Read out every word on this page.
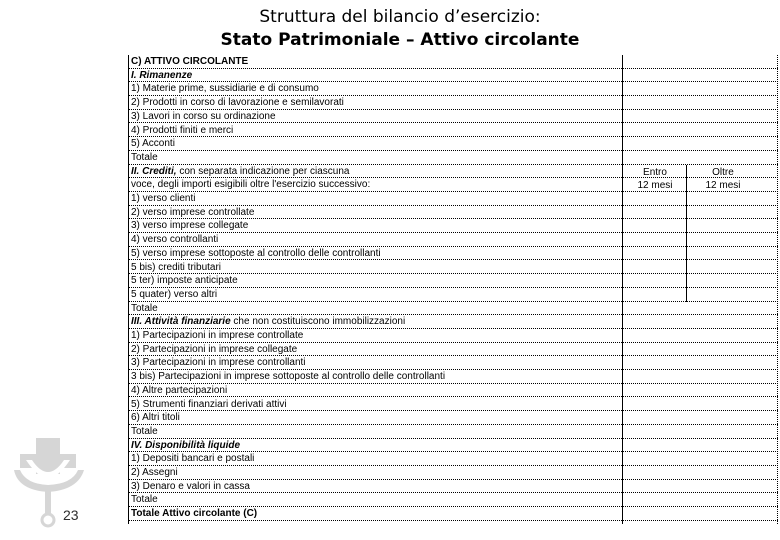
Struttura del bilancio d’esercizio:
Stato Patrimoniale – Attivo circolante
23	Totale Attivo circolante (C)
Totale
3) Denaro e valori in cassa
2) Assegni
1) Depositi bancari e postali
IV. Disponibilità liquide
Totale
6) Altri titoli
5) Strumenti finanziari derivati attivi
4) Altre partecipazioni
3 bis) Partecipazioni in imprese sottoposte al controllo delle controllanti
3) Partecipazioni in imprese controllanti
2) Partecipazioni in imprese collegate
1) Partecipazioni in imprese controllate
III. Attività finanziarie che non costituiscono immobilizzazioni
Totale
5 quater) verso altri
5 ter) imposte anticipate
5 bis) crediti tributari
5) verso imprese sottoposte al controllo delle controllanti
4) verso controllanti
3) verso imprese collegate
2) verso imprese controllate
1) verso clienti
voce, degli importi esigibili oltre l'esercizio successivo:
II. Crediti, con separata indicazione per ciascuna
Totale
5) Acconti
4) Prodotti finiti e merci
3) Lavori in corso su ordinazione
2) Prodotti in corso di lavorazione e semilavorati
1) Materie prime, sussidiarie e di consumo
I. Rimanenze
C) ATTIVO CIRCOLANTE
Entro
12 mesi
Oltre
12 mesi
